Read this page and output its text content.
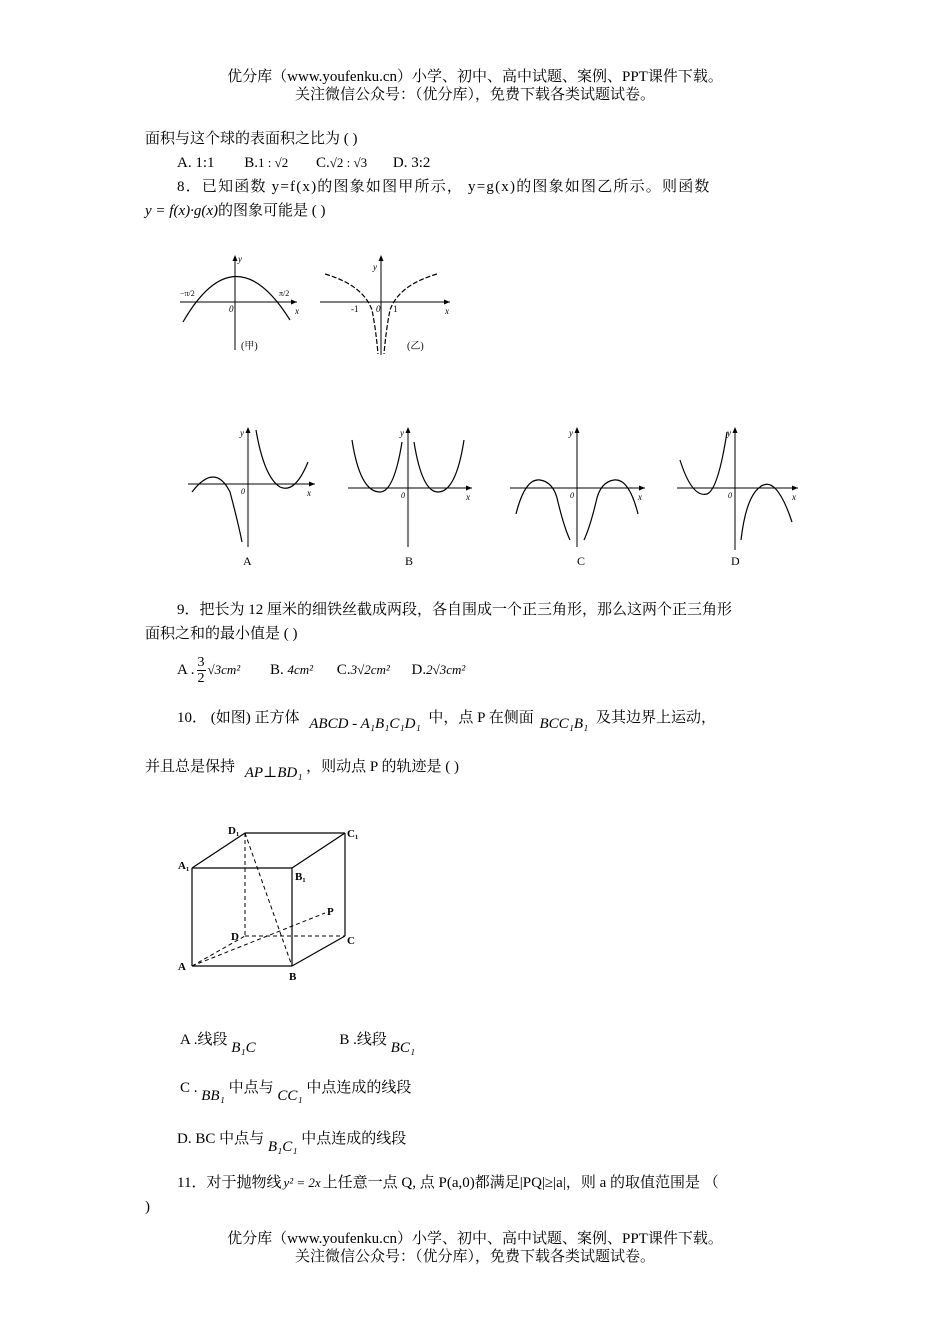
优分库（www.youfenku.cn）小学、初中、高中试题、案例、PPT课件下载。
关注微信公众号：（优分库），免费下载各类试题试卷。
面积与这个球的表面积之比为 ( )
A. 1:1 B.1 : √2 C.√2 : √3 D. 3:2
8．已知函数 y=f(x)的图象如图甲所示， y=g(x)的图象如图乙所示。则函数
y = f(x)·g(x)的图象可能是 ( )
y
x
0
−π/2	π/2
(甲)
y
x
0
-1	1
(乙)
y
x
0
A
y
x
0
B
y
x
0
C
y
x
0
D
9．把长为 12 厘米的细铁丝截成两段，各自围成一个正三角形，那么这两个正三角形
面积之和的最小值是 ( )
A . $\frac{3}{2} √3cm^2$ B. 4cm² C.3√2cm² D.2√3cm²
10． (如图) 正方体 ABCD - A₁B₁C₁D₁ 中，点 P 在侧面 BCC₁B₁ 及其边界上运动，
并且总是保持 AP⊥BD₁ ，则动点 P 的轨迹是 ( )
D₁	C₁
A₁
B₁
D	C
A
B
P
A .线段 B₁C	B .线段 BC₁
C . BB₁ 中点与 CC₁ 中点连成的线段
D. BC 中点与 B₁C₁ 中点连成的线段
11．对于抛物线 y² = 2x 上任意一点 Q, 点 P(a,0)都满足|PQ|≥|a|，则 a 的取值范围是 （
)
优分库（www.youfenku.cn）小学、初中、高中试题、案例、PPT课件下载。
关注微信公众号：（优分库），免费下载各类试题试卷。
